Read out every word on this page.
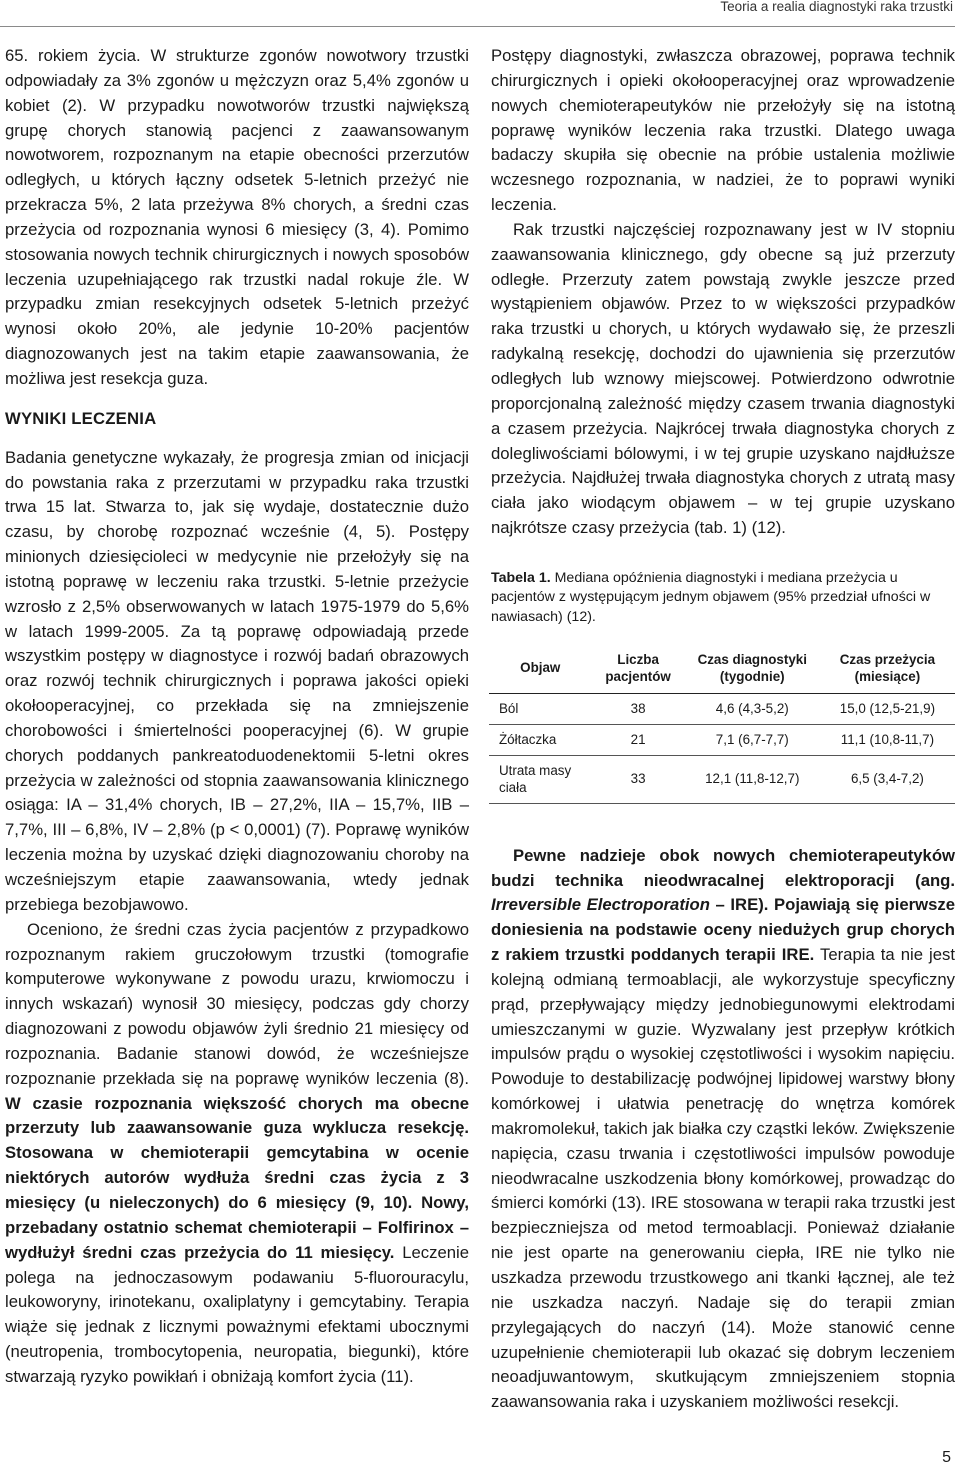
Teoria a realia diagnostyki raka trzustki

65. rokiem życia. W strukturze zgonów nowotwory trzustki odpowiadały za 3% zgonów u mężczyzn oraz 5,4% zgonów u kobiet (2). W przypadku nowotworów trzustki największą grupę chorych stanowią pacjenci z zaawansowanym nowotworem, rozpoznanym na etapie obecności przerzutów odległych, u których łączny odsetek 5-letnich przeżyć nie przekracza 5%, 2 lata przeżywa 8% chorych, a średni czas przeżycia od rozpoznania wynosi 6 miesięcy (3, 4). Pomimo stosowania nowych technik chirurgicznych i nowych sposobów leczenia uzupełniającego rak trzustki nadal rokuje źle. W przypadku zmian resekcyjnych odsetek 5-letnich przeżyć wynosi około 20%, ale jedynie 10-20% pacjentów diagnozowanych jest na takim etapie zaawansowania, że możliwa jest resekcja guza.

WYNIKI LECZENIA

Badania genetyczne wykazały, że progresja zmian od inicjacji do powstania raka z przerzutami w przypadku raka trzustki trwa 15 lat. Stwarza to, jak się wydaje, dostatecznie dużo czasu, by chorobę rozpoznać wcześnie (4, 5). Postępy minionych dziesięcioleci w medycynie nie przełożyły się na istotną poprawę w leczeniu raka trzustki. 5-letnie przeżycie wzrosło z 2,5% obserwowanych w latach 1975-1979 do 5,6% w latach 1999-2005. Za tą poprawę odpowiadają przede wszystkim postępy w diagnostyce i rozwój badań obrazowych oraz rozwój technik chirurgicznych i poprawa jakości opieki okołooperacyjnej, co przekłada się na zmniejszenie chorobowości i śmiertelności pooperacyjnej (6). W grupie chorych poddanych pankreatoduodenektomii 5-letni okres przeżycia w zależności od stopnia zaawansowania klinicznego osiąga: IA – 31,4% chorych, IB – 27,2%, IIA – 15,7%, IIB – 7,7%, III – 6,8%, IV – 2,8% (p < 0,0001) (7). Poprawę wyników leczenia można by uzyskać dzięki diagnozowaniu choroby na wcześniejszym etapie zaawansowania, wtedy jednak przebiega bezobjawowo.

Oceniono, że średni czas życia pacjentów z przypadkowo rozpoznanym rakiem gruczołowym trzustki (tomografie komputerowe wykonywane z powodu urazu, krwiomoczu i innych wskazań) wynosił 30 miesięcy, podczas gdy chorzy diagnozowani z powodu objawów żyli średnio 21 miesięcy od rozpoznania. Badanie stanowi dowód, że wcześniejsze rozpoznanie przekłada się na poprawę wyników leczenia (8). W czasie rozpoznania większość chorych ma obecne przerzuty lub zaawansowanie guza wyklucza resekcję. Stosowana w chemioterapii gemcytabina w ocenie niektórych autorów wydłuża średni czas życia z 3 miesięcy (u nieleczonych) do 6 miesięcy (9, 10). Nowy, przebadany ostatnio schemat chemioterapii – Folfirinox – wydłużył średni czas przeżycia do 11 miesięcy. Leczenie polega na jednoczasowym podawaniu 5-fluorouracylu, leukoworyny, irinotekanu, oxaliplatyny i gemcytabiny. Terapia wiąże się jednak z licznymi poważnymi efektami ubocznymi (neutropenia, trombocytopenia, neuropatia, biegunki), które stwarzają ryzyko powikłań i obniżają komfort życia (11).

Postępy diagnostyki, zwłaszcza obrazowej, poprawa technik chirurgicznych i opieki okołooperacyjnej oraz wprowadzenie nowych chemioterapeutyków nie przełożyły się na istotną poprawę wyników leczenia raka trzustki. Dlatego uwaga badaczy skupiła się obecnie na próbie ustalenia możliwie wczesnego rozpoznania, w nadziei, że to poprawi wyniki leczenia.

Rak trzustki najczęściej rozpoznawany jest w IV stopniu zaawansowania klinicznego, gdy obecne są już przerzuty odległe. Przerzuty zatem powstają zwykle jeszcze przed wystąpieniem objawów. Przez to w większości przypadków raka trzustki u chorych, u których wydawało się, że przeszli radykalną resekcję, dochodzi do ujawnienia się przerzutów odległych lub wznowy miejscowej. Potwierdzono odwrotnie proporcjonalną zależność między czasem trwania diagnostyki a czasem przeżycia. Najkrócej trwała diagnostyka chorych z dolegliwościami bólowymi, i w tej grupie uzyskano najdłuższe przeżycia. Najdłużej trwała diagnostyka chorych z utratą masy ciała jako wiodącym objawem – w tej grupie uzyskano najkrótsze czasy przeżycia (tab. 1) (12).

Tabela 1. Mediana opóźnienia diagnostyki i mediana przeżycia u pacjentów z występującym jednym objawem (95% przedział ufności w nawiasach) (12).
Objaw	Liczba pacjentów	Czas diagnostyki (tygodnie)	Czas przeżycia (miesiące)
Ból	38	4,6 (4,3-5,2)	15,0 (12,5-21,9)
Żółtaczka	21	7,1 (6,7-7,7)	11,1 (10,8-11,7)
Utrata masy ciała	33	12,1 (11,8-12,7)	6,5 (3,4-7,2)

Pewne nadzieje obok nowych chemioterapeutyków budzi technika nieodwracalnej elektroporacji (ang. Irreversible Electroporation – IRE). Pojawiają się pierwsze doniesienia na podstawie oceny niedużych grup chorych z rakiem trzustki poddanych terapii IRE. Terapia ta nie jest kolejną odmianą termoablacji, ale wykorzystuje specyficzny prąd, przepływający między jednobiegunowymi elektrodami umieszczanymi w guzie. Wyzwalany jest przepływ krótkich impulsów prądu o wysokiej częstotliwości i wysokim napięciu. Powoduje to destabilizację podwójnej lipidowej warstwy błony komórkowej i ułatwia penetrację do wnętrza komórek makromolekuł, takich jak białka czy cząstki leków. Zwiększenie napięcia, czasu trwania i częstotliwości impulsów powoduje nieodwracalne uszkodzenia błony komórkowej, prowadząc do śmierci komórki (13). IRE stosowana w terapii raka trzustki jest bezpieczniejsza od metod termoablacji. Ponieważ działanie nie jest oparte na generowaniu ciepła, IRE nie tylko nie uszkadza przewodu trzustkowego ani tkanki łącznej, ale też nie uszkadza naczyń. Nadaje się do terapii zmian przylegających do naczyń (14). Może stanowić cenne uzupełnienie chemioterapii lub okazać się dobrym leczeniem neoadjuwantowym, skutkującym zmniejszeniem stopnia zaawansowania raka i uzyskaniem możliwości resekcji.

5
